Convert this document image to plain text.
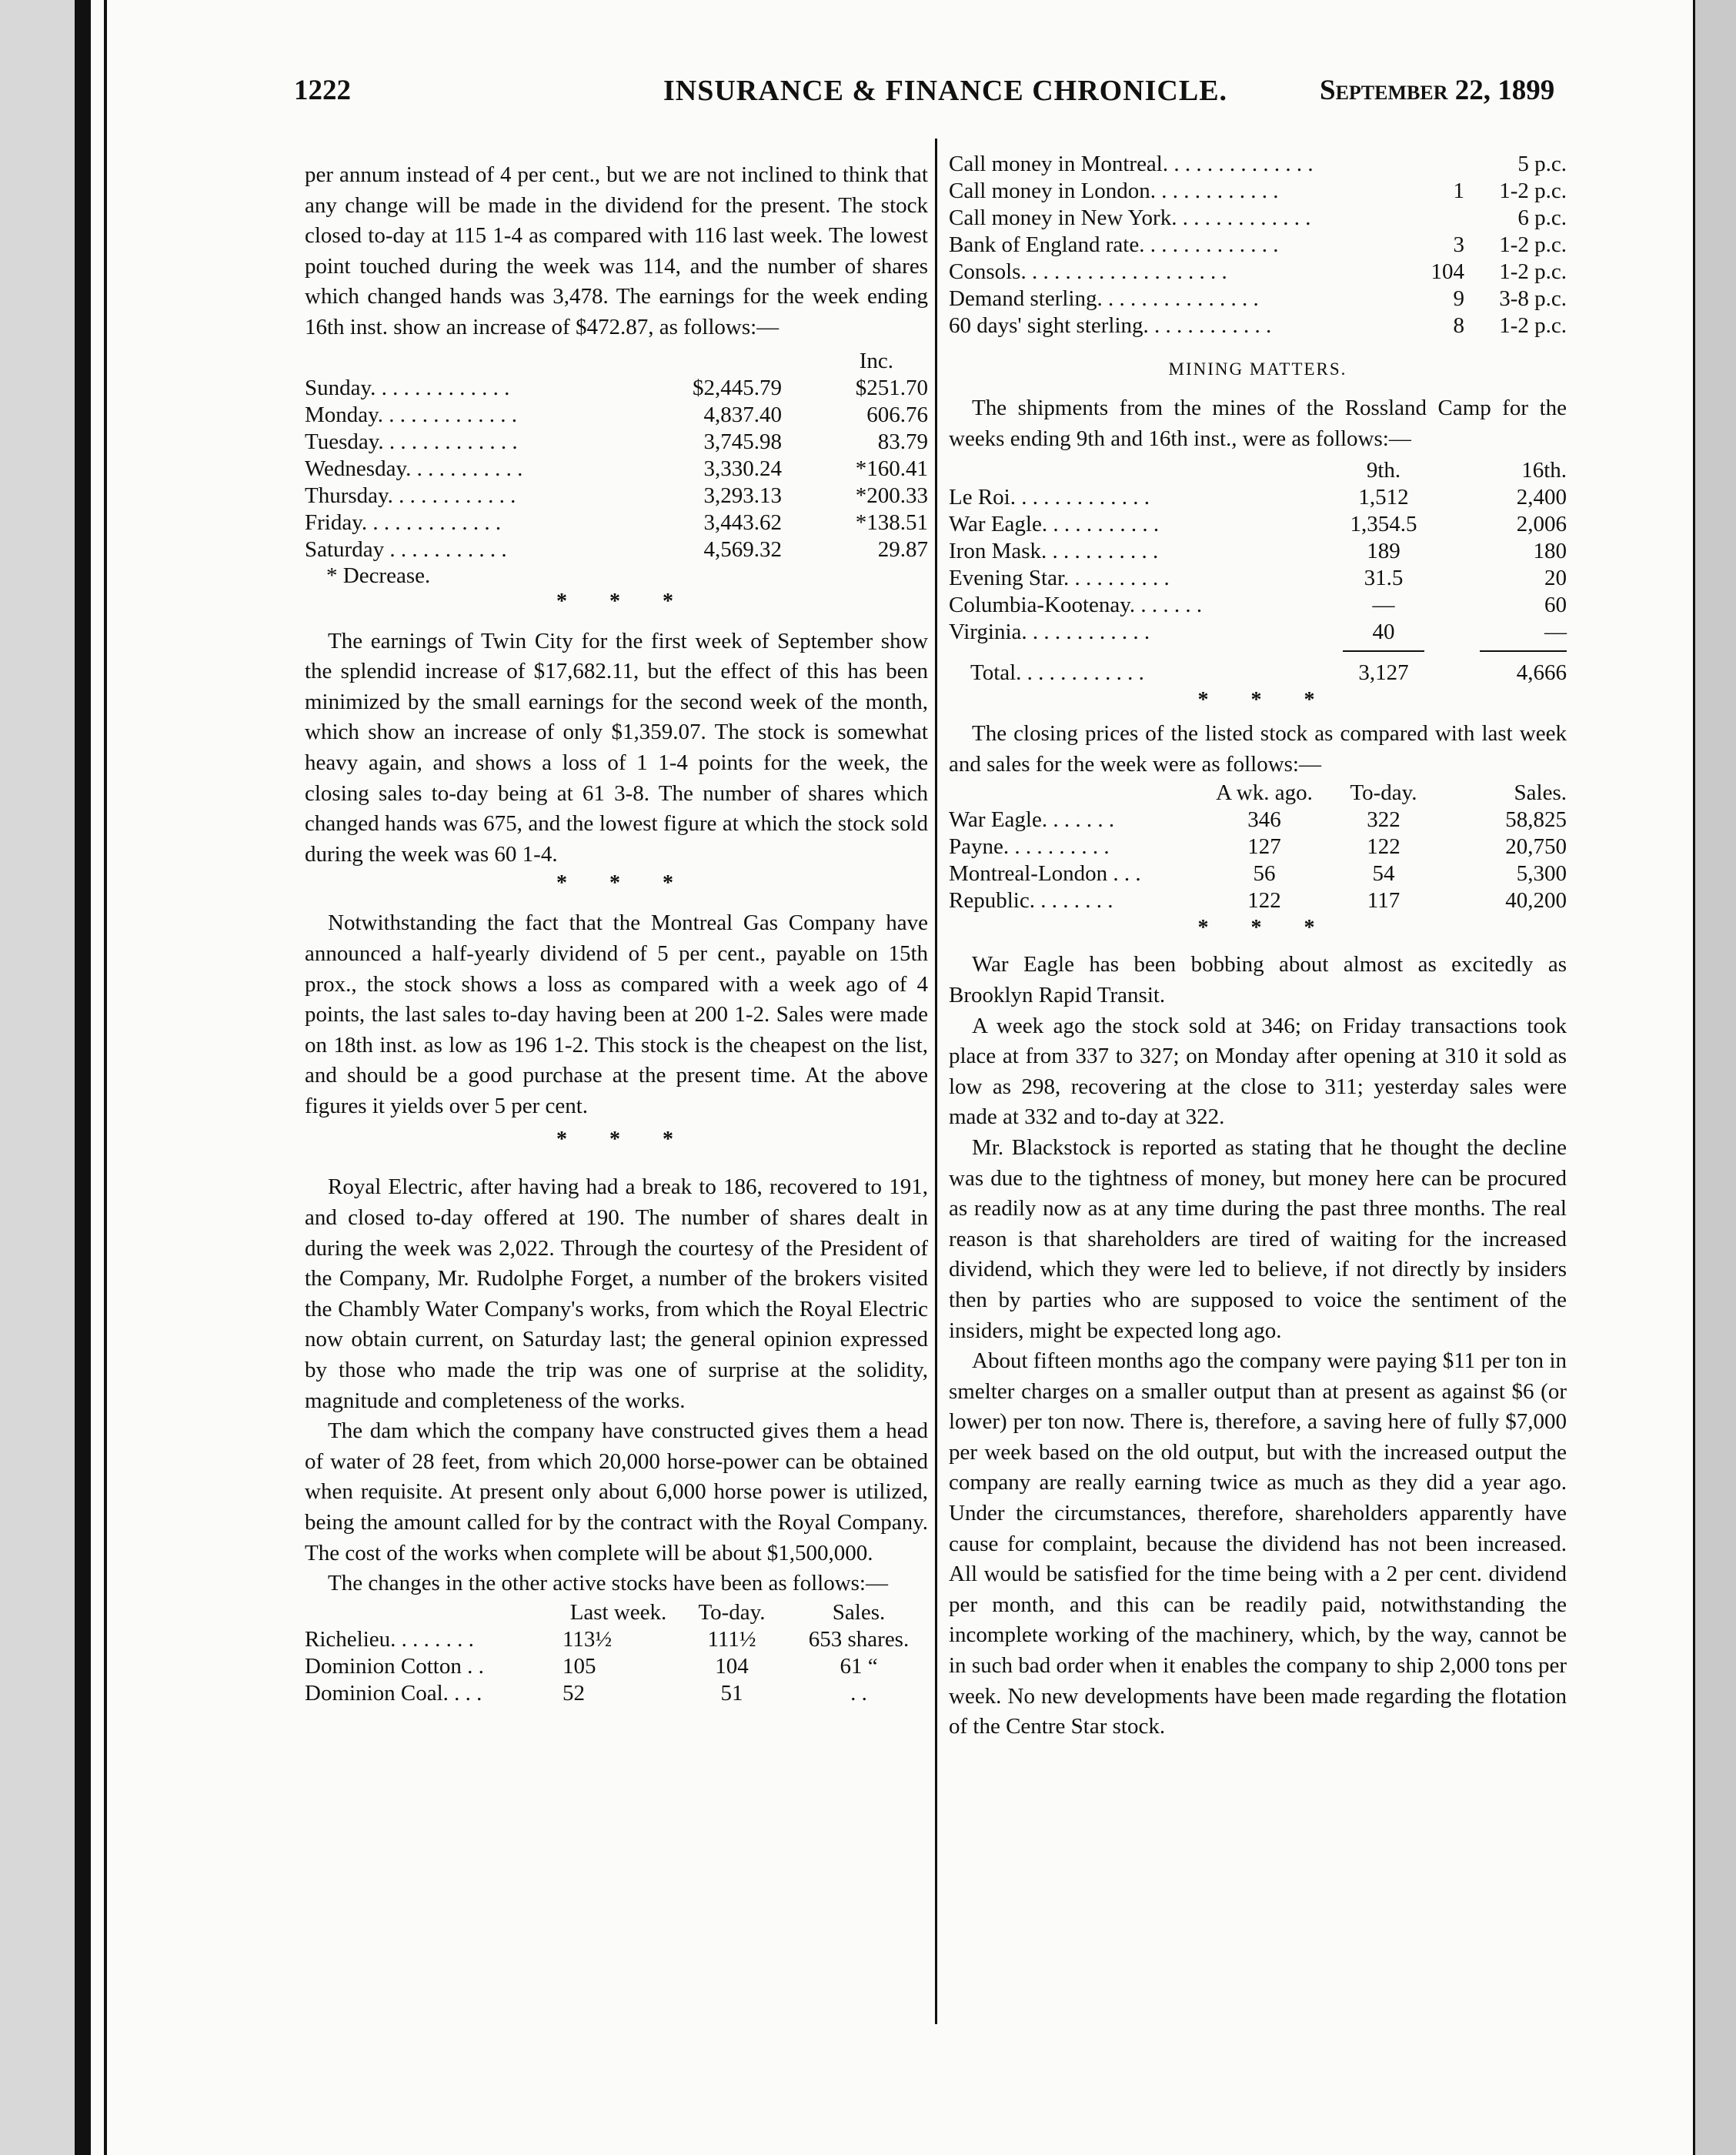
1222	INSURANCE & FINANCE CHRONICLE.	September 22, 1899

per annum instead of 4 per cent., but we are not inclined to think that any change will be made in the dividend for the present. The stock closed to-day at 115 1-4 as compared with 116 last week. The lowest point touched during the week was 114, and the number of shares which changed hands was 3,478. The earnings for the week ending 16th inst. show an increase of $472.87, as follows:—

		Inc.
Sunday. . . . . . . . . . . . .	$2,445.79	$251.70
Monday. . . . . . . . . . . . .	4,837.40	606.76
Tuesday. . . . . . . . . . . . .	3,745.98	83.79
Wednesday. . . . . . . . . . .	3,330.24	*160.41
Thursday. . . . . . . . . . . .	3,293.13	*200.33
Friday. . . . . . . . . . . . .	3,443.62	*138.51
Saturday . . . . . . . . . . .	4,569.32	29.87
* Decrease.
* * *

The earnings of Twin City for the first week of September show the splendid increase of $17,682.11, but the effect of this has been minimized by the small earnings for the second week of the month, which show an increase of only $1,359.07. The stock is somewhat heavy again, and shows a loss of 1 1-4 points for the week, the closing sales to-day being at 61 3-8. The number of shares which changed hands was 675, and the lowest figure at which the stock sold during the week was 60 1-4.

* * *

Notwithstanding the fact that the Montreal Gas Company have announced a half-yearly dividend of 5 per cent., payable on 15th prox., the stock shows a loss as compared with a week ago of 4 points, the last sales to-day having been at 200 1-2. Sales were made on 18th inst. as low as 196 1-2. This stock is the cheapest on the list, and should be a good purchase at the present time. At the above figures it yields over 5 per cent.

* * *

Royal Electric, after having had a break to 186, recovered to 191, and closed to-day offered at 190. The number of shares dealt in during the week was 2,022. Through the courtesy of the President of the Company, Mr. Rudolphe Forget, a number of the brokers visited the Chambly Water Company's works, from which the Royal Electric now obtain current, on Saturday last; the general opinion expressed by those who made the trip was one of surprise at the solidity, magnitude and completeness of the works.

The dam which the company have constructed gives them a head of water of 28 feet, from which 20,000 horse-power can be obtained when requisite. At present only about 6,000 horse power is utilized, being the amount called for by the contract with the Royal Company. The cost of the works when complete will be about $1,500,000.

The changes in the other active stocks have been as follows:—

	Last week.	To-day.	Sales.
Richelieu. . . . . . . .	113½	111½	653 shares.
Dominion Cotton . .	105	104	61 “
Dominion Coal. . . .	52	51	. .
Call money in Montreal. . . . . . . . . . . . . .		5 p.c.
Call money in London. . . . . . . . . . . .	1	1-2 p.c.
Call money in New York. . . . . . . . . . . . .		6 p.c.
Bank of England rate. . . . . . . . . . . . .	3	1-2 p.c.
Consols. . . . . . . . . . . . . . . . . . .	104	1-2 p.c.
Demand sterling. . . . . . . . . . . . . . .	9	3-8 p.c.
60 days' sight sterling. . . . . . . . . . . .	8	1-2 p.c.
MINING MATTERS.

The shipments from the mines of the Rossland Camp for the weeks ending 9th and 16th inst., were as follows:—

	9th.	16th.
Le Roi. . . . . . . . . . . . .	1,512	2,400
War Eagle. . . . . . . . . . .	1,354.5	2,006
Iron Mask. . . . . . . . . . .	189	180
Evening Star. . . . . . . . . .	31.5	20
Columbia-Kootenay. . . . . . .	—	60
Virginia. . . . . . . . . . . .	40	—

Total. . . . . . . . . . . .	3,127	4,666
* * *

The closing prices of the listed stock as compared with last week and sales for the week were as follows:—

	A wk. ago.	To-day.	Sales.
War Eagle. . . . . . .	346	322	58,825
Payne. . . . . . . . . .	127	122	20,750
Montreal-London . . .	56	54	5,300
Republic. . . . . . . .	122	117	40,200
* * *

War Eagle has been bobbing about almost as excitedly as Brooklyn Rapid Transit.

A week ago the stock sold at 346; on Friday transactions took place at from 337 to 327; on Monday after opening at 310 it sold as low as 298, recovering at the close to 311; yesterday sales were made at 332 and to-day at 322.

Mr. Blackstock is reported as stating that he thought the decline was due to the tightness of money, but money here can be procured as readily now as at any time during the past three months. The real reason is that shareholders are tired of waiting for the increased dividend, which they were led to believe, if not directly by insiders then by parties who are supposed to voice the sentiment of the insiders, might be expected long ago.

About fifteen months ago the company were paying $11 per ton in smelter charges on a smaller output than at present as against $6 (or lower) per ton now. There is, therefore, a saving here of fully $7,000 per week based on the old output, but with the increased output the company are really earning twice as much as they did a year ago. Under the circumstances, therefore, shareholders apparently have cause for complaint, because the dividend has not been increased. All would be satisfied for the time being with a 2 per cent. dividend per month, and this can be readily paid, notwithstanding the incomplete working of the machinery, which, by the way, cannot be in such bad order when it enables the company to ship 2,000 tons per week. No new developments have been made regarding the flotation of the Centre Star stock.
